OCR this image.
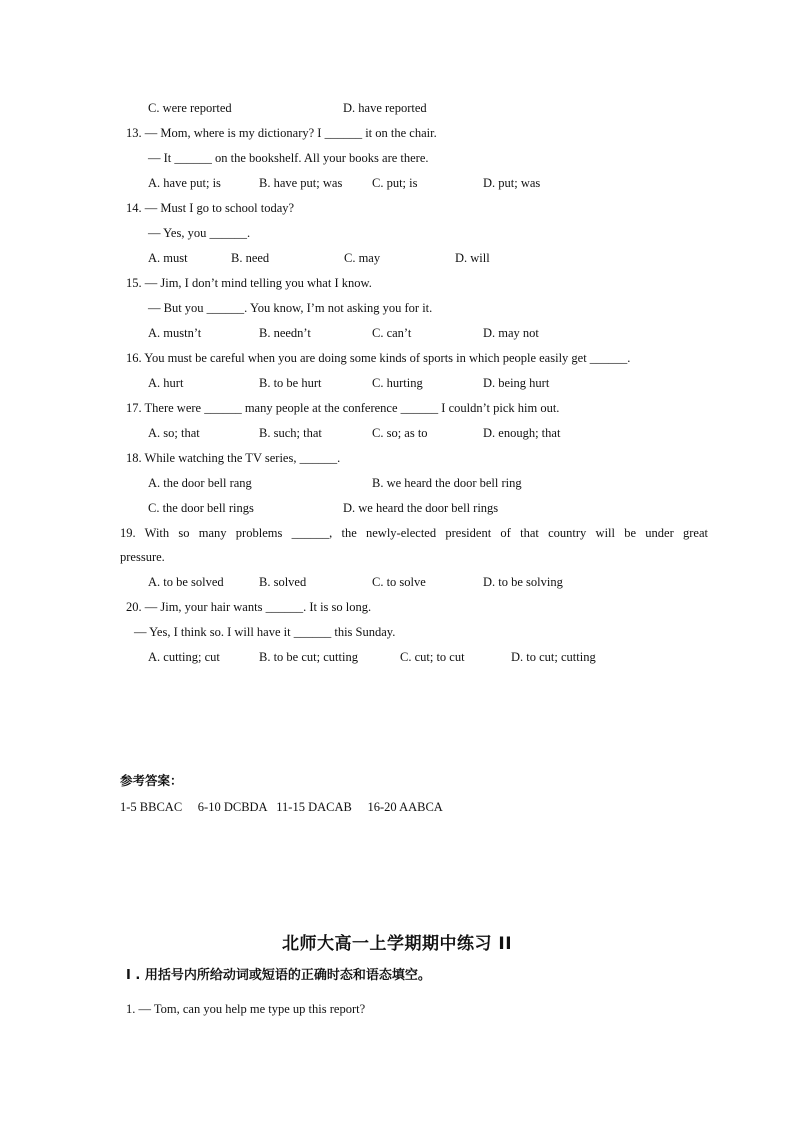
C. were reported	D. have reported
13. — Mom, where is my dictionary? I ______ it on the chair.
— It ______ on the bookshelf. All your books are there.
A. have put; is	B. have put; was C. put; is	D. put; was
14. — Must I go to school today?
— Yes, you ______.
A. must	B. need	C. may	D. will
15. — Jim, I don’t mind telling you what I know.
— But you ______. You know, I’m not asking you for it.
A. mustn’t	B. needn’t	C. can’t	D. may not
16. You must be careful when you are doing some kinds of sports in which people easily get ______.
A. hurt	B. to be hurt	C. hurting	D. being hurt
17. There were ______ many people at the conference ______ I couldn’t pick him out.
A. so; that	B. such; that	C. so; as to	D. enough; that
18. While watching the TV series, ______.
A. the door bell rang	B. we heard the door bell ring
C. the door bell rings	D. we heard the door bell rings
19. With so many problems ______, the newly-elected president of that country will be under great
pressure.
A. to be solved	B. solved	C. to solve	D. to be solving
20. — Jim, your hair wants ______. It is so long.
— Yes, I think so. I will have it ______ this Sunday.
A. cutting; cut	B. to be cut; cutting	C. cut; to cut	D. to cut; cutting
参考答案：
1-5 BBCAC     6-10 DCBDA   11-15 DACAB     16-20 AABCA
北师大高一上学期期中练习 II
I . 用括号内所给动词或短语的正确时态和语态填空。
1. — Tom, can you help me type up this report?
